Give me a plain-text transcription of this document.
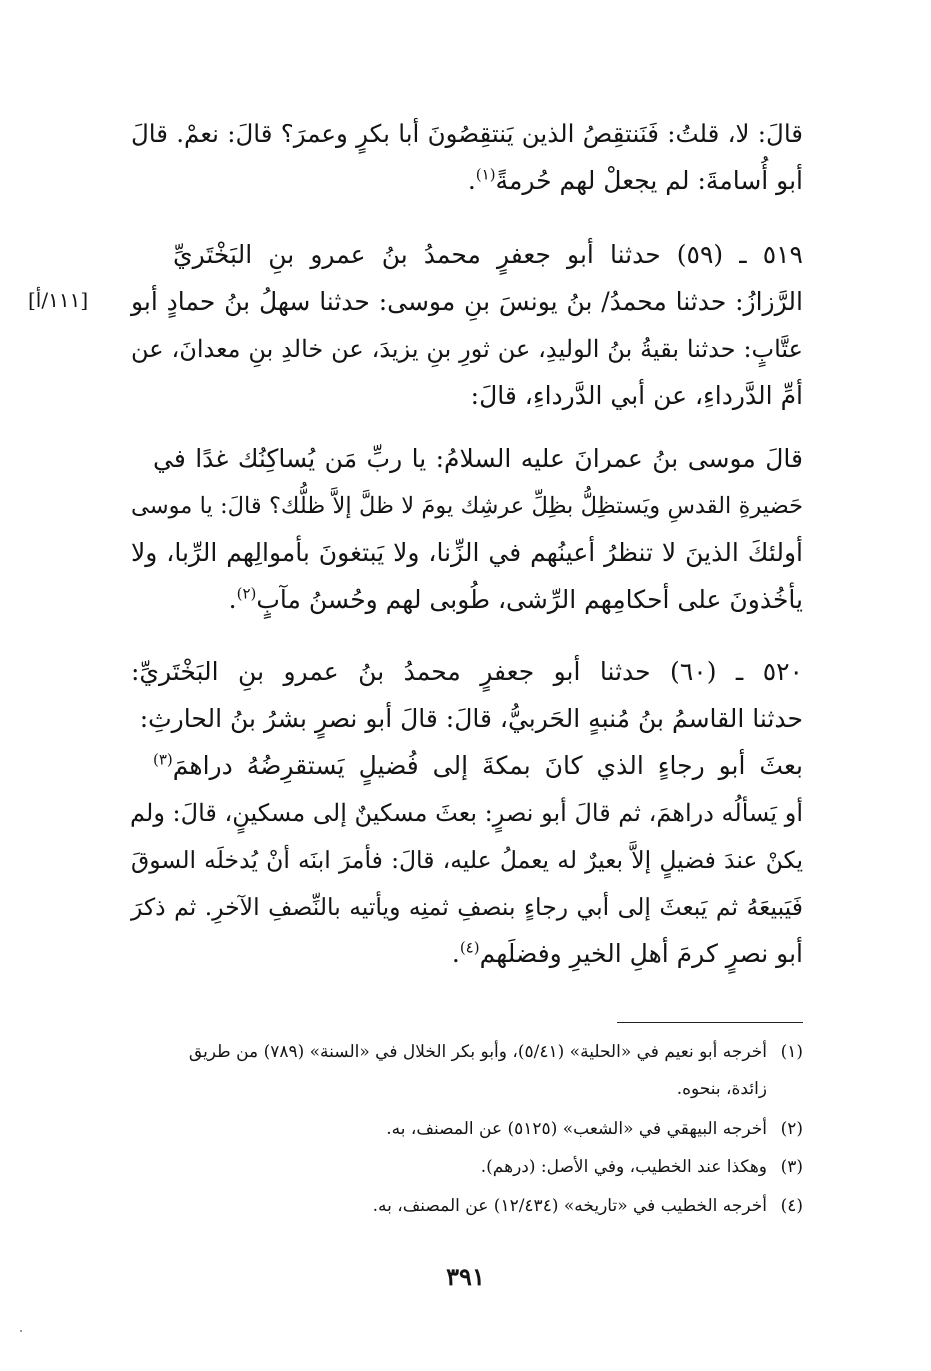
قالَ: لا، قلتُ: فَنَنتقِصُ الذين يَنتقِصُونَ أبا بكرٍ وعمرَ؟ قالَ: نعمْ. قالَ
أبو أُسامةَ: لم يجعلْ لهم حُرمةً$^{(١)}$.
٥١٩ ـ (٥٩) حدثنا أبو جعفرٍ محمدُ بنُ عمرو بنِ البَخْتَريِّ
الرَّزازُ: حدثنا محمدُ/ بنُ يونسَ بنِ موسى: حدثنا سهلُ بنُ حمادٍ أبو
عتَّابٍ: حدثنا بقيةُ بنُ الوليدِ، عن ثورِ بنِ يزيدَ، عن خالدِ بنِ معدانَ، عن
أمِّ الدَّرداءِ، عن أبي الدَّرداءِ، قالَ:
قالَ موسى بنُ عمرانَ عليه السلامُ: يا ربِّ مَن يُساكِنُك غدًا في
حَضيرةِ القدسِ ويَستظِلُّ بظِلِّ عرشِك يومَ لا ظلَّ إلاَّ ظلُّك؟ قالَ: يا موسى
أولئكَ الذينَ لا تنظرُ أعينُهم في الزِّنا، ولا يَبتغونَ بأموالِهم الرِّبا، ولا
يأخُذونَ على أحكامِهم الرِّشى، طُوبى لهم وحُسنُ مآبٍ$^{(٢)}$.
٥٢٠ ـ (٦٠) حدثنا أبو جعفرٍ محمدُ بنُ عمرو بنِ البَخْتَريِّ:
حدثنا القاسمُ بنُ مُنبهٍ الحَربيُّ، قالَ: قالَ أبو نصرٍ بشرُ بنُ الحارثِ:
بعثَ أبو رجاءٍ الذي كانَ بمكةَ إلى فُضيلٍ يَستقرِضُهُ دراهمَ$^{(٣)}$
أو يَسألُه دراهمَ، ثم قالَ أبو نصرٍ: بعثَ مسكينٌ إلى مسكينٍ، قالَ: ولم
يكنْ عندَ فضيلٍ إلاَّ بعيرٌ له يعملُ عليه، قالَ: فأمرَ ابنَه أنْ يُدخلَه السوقَ
فَيَبيعَهُ ثم يَبعثَ إلى أبي رجاءٍ بنصفِ ثمنِه ويأتيه بالنِّصفِ الآخرِ. ثم ذكرَ
أبو نصرٍ كرمَ أهلِ الخيرِ وفضلَهم$^{(٤)}$.
[١١١/أ]
(١)أخرجه أبو نعيم في «الحلية» (٥/٤١)، وأبو بكر الخلال في «السنة» (٧٨٩) من طريق
زائدة، بنحوه.
(٢)أخرجه البيهقي في «الشعب» (٥١٢٥) عن المصنف، به.
(٣)وهكذا عند الخطيب، وفي الأصل: (درهم).
(٤)أخرجه الخطيب في «تاريخه» (١٢/٤٣٤) عن المصنف، به.
٣٩١
